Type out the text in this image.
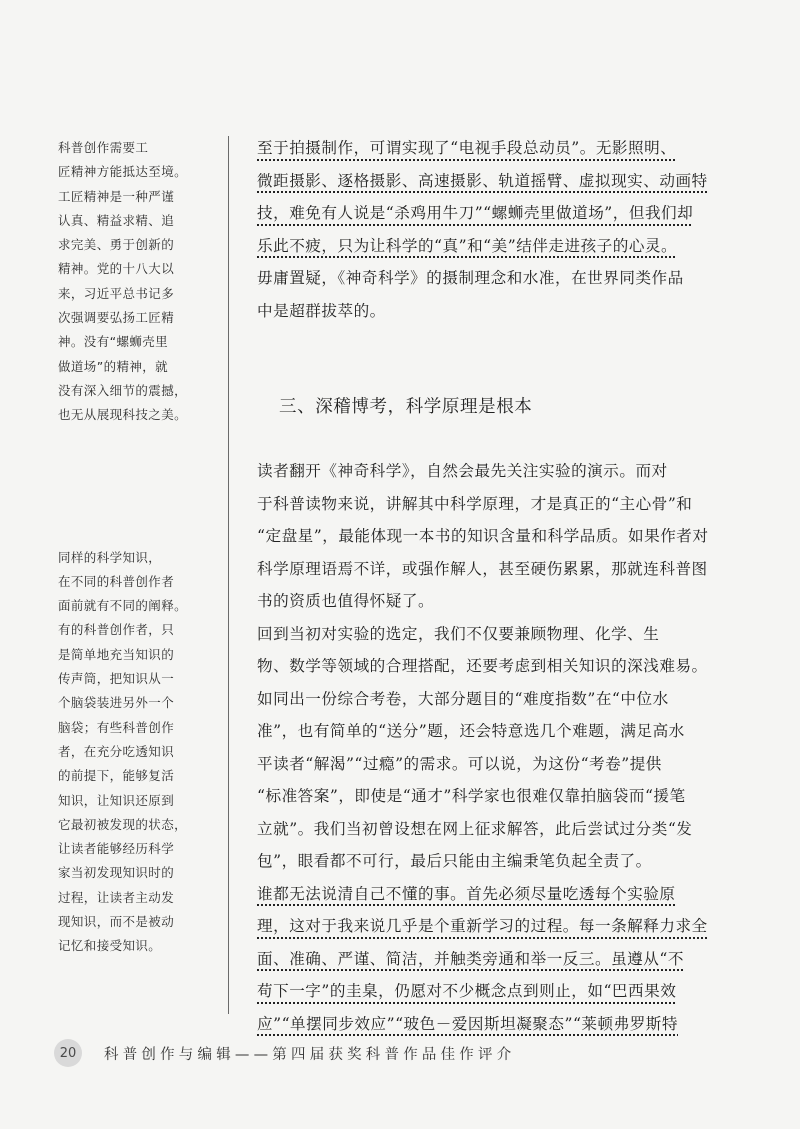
科普创作需要工
匠精神方能抵达至境。
工匠精神是一种严谨
认真、精益求精、追
求完美、勇于创新的
精神。党的十八大以
来，习近平总书记多
次强调要弘扬工匠精
神。没有“螺蛳壳里
做道场”的精神，就
没有深入细节的震撼，
也无从展现科技之美。

同样的科学知识，
在不同的科普创作者
面前就有不同的阐释。
有的科普创作者，只
是简单地充当知识的
传声筒，把知识从一
个脑袋装进另外一个
脑袋；有些科普创作
者，在充分吃透知识
的前提下，能够复活
知识，让知识还原到
它最初被发现的状态，
让读者能够经历科学
家当初发现知识时的
过程，让读者主动发
现知识，而不是被动
记忆和接受知识。

至于拍摄制作，可谓实现了“电视手段总动员”。无影照明、
微距摄影、逐格摄影、高速摄影、轨道摇臂、虚拟现实、动画特
技，难免有人说是“杀鸡用牛刀”“螺蛳壳里做道场”，但我们却
乐此不疲，只为让科学的“真”和“美”结伴走进孩子的心灵。

毋庸置疑，《神奇科学》的摄制理念和水准，在世界同类作品
中是超群拔萃的。

三、深稽博考，科学原理是根本

读者翻开《神奇科学》，自然会最先关注实验的演示。而对
于科普读物来说，讲解其中科学原理，才是真正的“主心骨”和
“定盘星”，最能体现一本书的知识含量和科学品质。如果作者对
科学原理语焉不详，或强作解人，甚至硬伤累累，那就连科普图
书的资质也值得怀疑了。

回到当初对实验的选定，我们不仅要兼顾物理、化学、生
物、数学等领域的合理搭配，还要考虑到相关知识的深浅难易。
如同出一份综合考卷，大部分题目的“难度指数”在“中位水
准”，也有简单的“送分”题，还会特意选几个难题，满足高水
平读者“解渴”“过瘾”的需求。可以说，为这份“考卷”提供
“标准答案”，即使是“通才”科学家也很难仅靠拍脑袋而“援笔
立就”。我们当初曾设想在网上征求解答，此后尝试过分类“发
包”，眼看都不可行，最后只能由主编秉笔负起全责了。

谁都无法说清自己不懂的事。首先必须尽量吃透每个实验原
理，这对于我来说几乎是个重新学习的过程。每一条解释力求全
面、准确、严谨、简洁，并触类旁通和举一反三。虽遵从“不
苟下一字”的圭臬，仍愿对不少概念点到则止，如“巴西果效
应”“单摆同步效应”“玻色－爱因斯坦凝聚态”“莱顿弗罗斯特

20	科普创作与编辑——第四届获奖科普作品佳作评介
